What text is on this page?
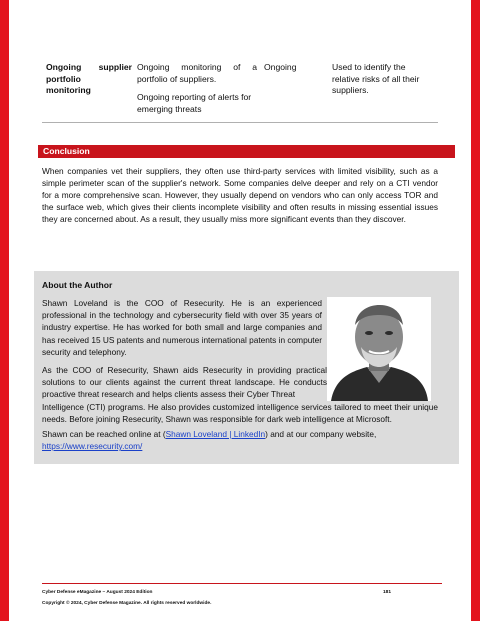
Ongoing supplier
portfolio
monitoring
Ongoing monitoring of a

portfolio of suppliers.

Ongoing reporting of alerts for emerging threats

Ongoing	Used to identify the relative risks of all their suppliers.
Conclusion

When companies vet their suppliers, they often use third-party services with limited visibility, such as a simple perimeter scan of the supplier's network. Some companies delve deeper and rely on a CTI vendor for a more comprehensive scan. However, they usually depend on vendors who can only access TOR and the surface web, which gives their clients incomplete visibility and often results in missing essential issues they are concerned about. As a result, they usually miss more significant events than they discover.

About the Author

Shawn Loveland is the COO of Resecurity. He is an experienced professional in the technology and cybersecurity field with over 35 years of industry expertise. He has worked for both small and large companies and has received 15 US patents and numerous international patents in computer security and telephony.

As the COO of Resecurity, Shawn aids Resecurity in providing practical solutions to our clients against the current threat landscape. He conducts proactive threat research and helps clients assess their Cyber Threat
Intelligence (CTI) programs. He also provides customized intelligence services tailored to meet their unique needs. Before joining Resecurity, Shawn was responsible for dark web intelligence at Microsoft.

Shawn can be reached online at (Shawn Loveland | LinkedIn) and at our company website,
https://www.resecurity.com/

Cyber Defense eMagazine – August 2024 Edition	181
Copyright © 2024, Cyber Defense Magazine. All rights reserved worldwide.
